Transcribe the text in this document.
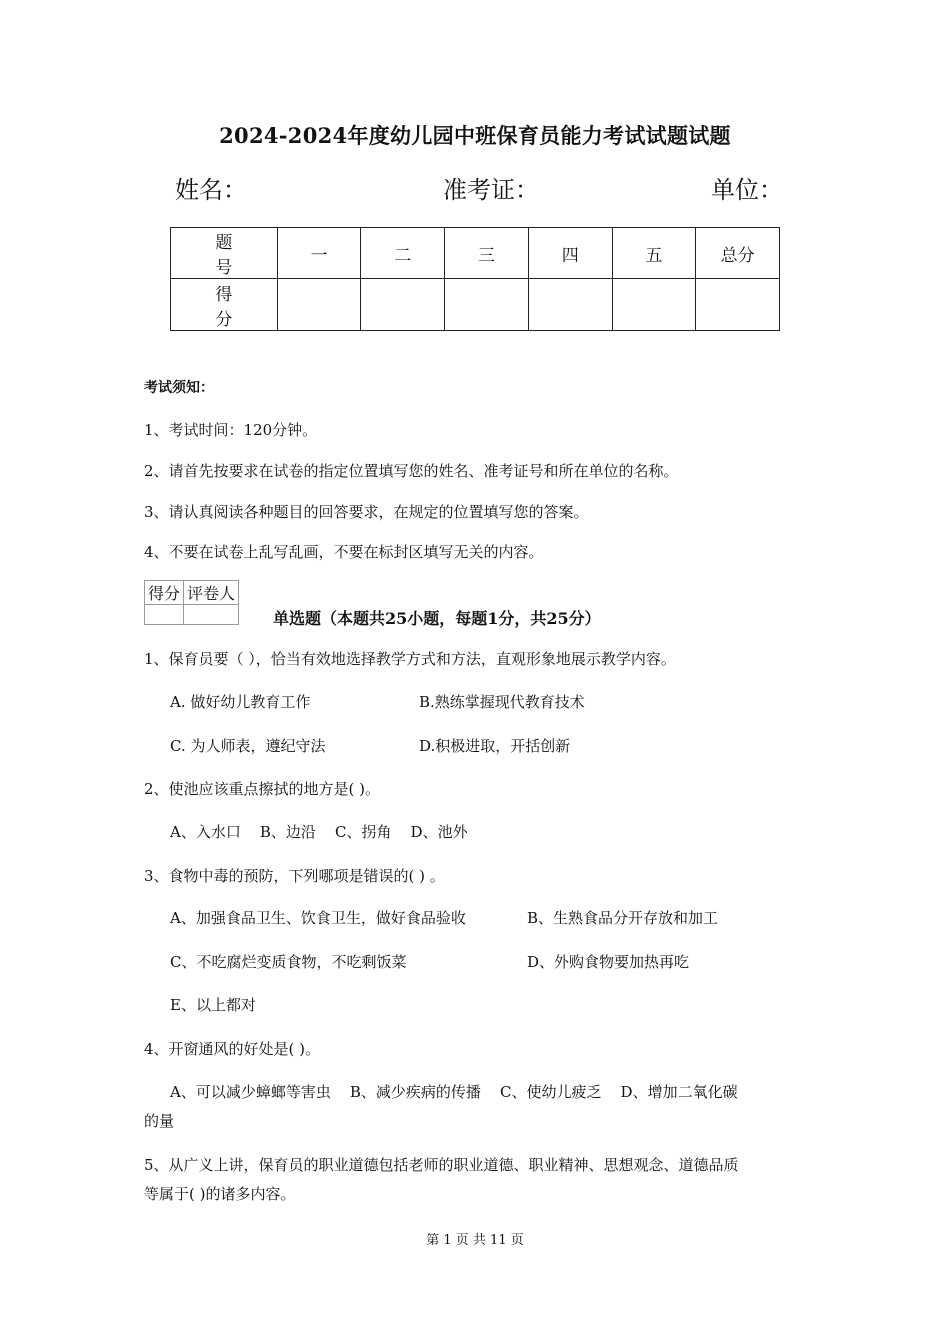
2024-2024年度幼儿园中班保育员能力考试试题试题
姓名：	准考证：	单位：
题 号	一	二	三	四	五	总分
得 分						
考试须知：
1、考试时间：120分钟。
2、请首先按要求在试卷的指定位置填写您的姓名、准考证号和所在单位的名称。
3、请认真阅读各种题目的回答要求，在规定的位置填写您的答案。
4、不要在试卷上乱写乱画，不要在标封区填写无关的内容。
得分	评卷人

单选题（本题共25小题，每题1分，共25分）
1、保育员要（ ），恰当有效地选择教学方式和方法，直观形象地展示教学内容。
A. 做好幼儿教育工作	B.熟练掌握现代教育技术
C. 为人师表，遵纪守法	D.积极进取，开括创新
2、使池应该重点擦拭的地方是( )。
A、入水口    B、边沿    C、拐角    D、池外
3、食物中毒的预防，下列哪项是错误的( ) 。
A、加强食品卫生、饮食卫生，做好食品验收	B、生熟食品分开存放和加工
C、不吃腐烂变质食物，不吃剩饭菜	D、外购食物要加热再吃
E、以上都对
4、开窗通风的好处是( )。
A、可以减少蟑螂等害虫    B、减少疾病的传播    C、使幼儿疲乏    D、增加二氧化碳
的量
5、从广义上讲，保育员的职业道德包括老师的职业道德、职业精神、思想观念、道德品质
等属于( )的诸多内容。
第 1 页 共 11 页
